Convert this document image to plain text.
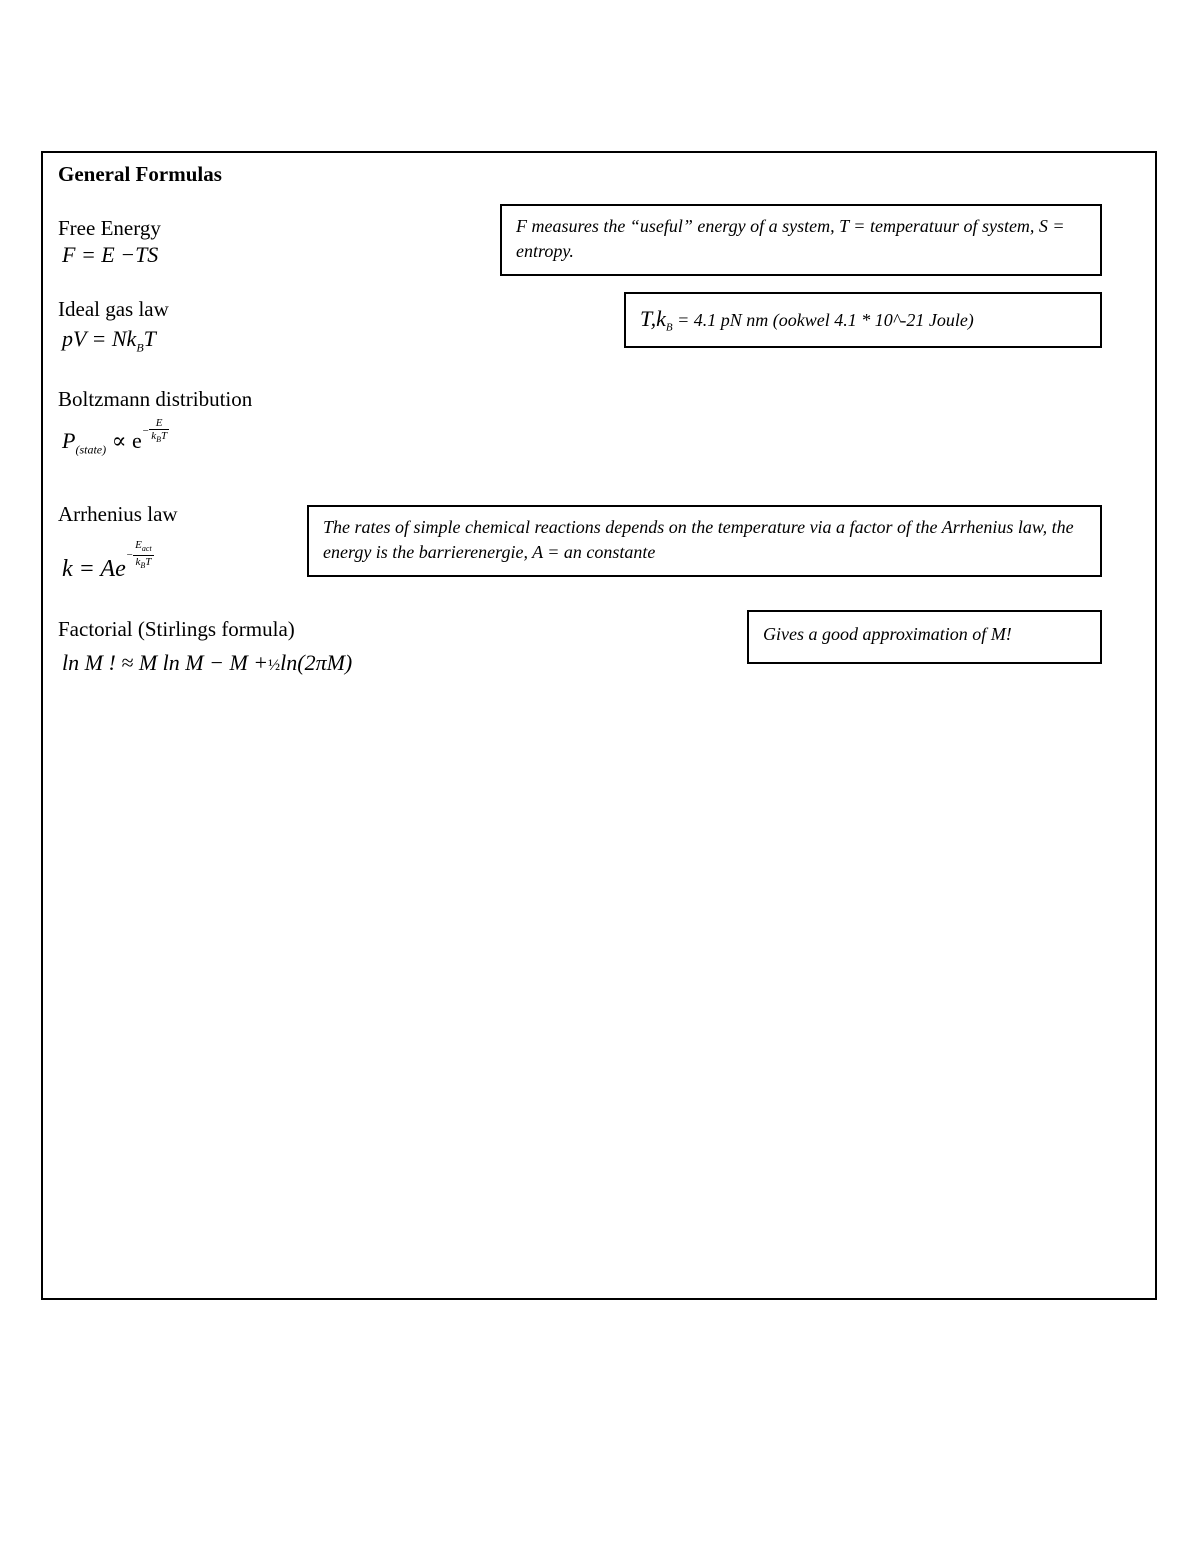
General Formulas
Free Energy
F = E −TS
F measures the “useful” energy of a system, T = temperatuur of system, S = entropy.
Ideal gas law
pV = $Nk_BT$
$T,k_B = 4.1$ pN nm (ookwel 4.1 * 10^-21 Joule)
Boltzmann distribution
$P_{(state)} \propto e- \frac{E}{k_BT}$
Arrhenius law
$k = Ae- \frac{E_{act}}{k_BT}$
The rates of simple chemical reactions depends on the temperature via a factor of the Arrhenius law, the energy is the barrierenergie, A = an constante
Factorial (Stirlings formula)
ln M ! ≈ M ln M − M +½ln(2πM)
Gives a good approximation of M!
